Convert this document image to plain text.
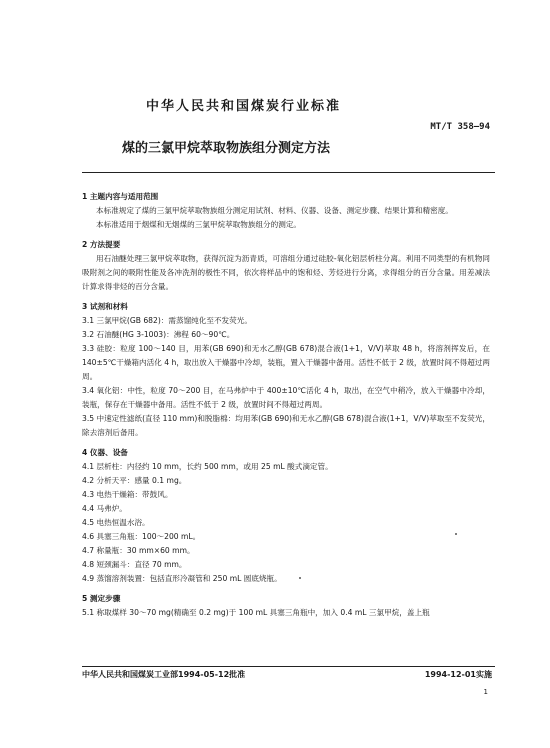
中华人民共和国煤炭行业标准
MT/T 358—94
煤的三氯甲烷萃取物族组分测定方法
1 主题内容与适用范围
本标准规定了煤的三氯甲烷萃取物族组分测定用试剂、材料、仪器、设备、测定步骤、结果计算和精密度。
本标准适用于烟煤和无烟煤的三氯甲烷萃取物族组分的测定。
2 方法提要
用石油醚处理三氯甲烷萃取物，获得沉淀为沥青质，可溶组分通过硅胶-氧化铝层析柱分离。利用不同类型的有机物同吸附剂之间的吸附性能及各冲洗剂的极性不同，依次将样品中的饱和烃、芳烃进行分离，求得组分的百分含量。用差减法计算求得非烃的百分含量。
3 试剂和材料
3.1 三氯甲烷(GB 682)：需蒸馏纯化至不发荧光。
3.2 石油醚(HG 3-1003)：沸程 60～90℃。
3.3 硅胶：粒度 100～140 目，用苯(GB 690)和无水乙醇(GB 678)混合液(1+1，V/V)萃取 48 h，将溶剂挥发后，在 140±5℃干燥箱内活化 4 h，取出放入干燥器中冷却，装瓶，置入干燥器中备用。活性不低于 2 级，放置时间不得超过两周。
3.4 氧化铝：中性，粒度 70～200 目，在马弗炉中于 400±10℃活化 4 h，取出，在空气中稍冷，放入干燥器中冷却，装瓶，保存在干燥器中备用。活性不低于 2 级，放置时间不得超过两周。
3.5 中速定性滤纸(直径 110 mm)和脱脂棉：均用苯(GB 690)和无水乙醇(GB 678)混合液(1+1，V/V)萃取至不发荧光，除去溶剂后备用。
4 仪器、设备
4.1 层析柱：内径约 10 mm，长约 500 mm，或用 25 mL 酸式滴定管。
4.2 分析天平：感量 0.1 mg。
4.3 电热干燥箱：带鼓风。
4.4 马弗炉。
4.5 电热恒温水浴。
4.6 具塞三角瓶：100～200 mL。
4.7 称量瓶：30 mm×60 mm。
4.8 短颈漏斗：直径 70 mm。
4.9 蒸馏溶剂装置：包括直形冷凝管和 250 mL 圆底烧瓶。
5 测定步骤
5.1 称取煤样 30～70 mg(精确至 0.2 mg)于 100 mL 具塞三角瓶中，加入 0.4 mL 三氯甲烷，盖上瓶
中华人民共和国煤炭工业部1994-05-12批准	1994-12-01实施
1
